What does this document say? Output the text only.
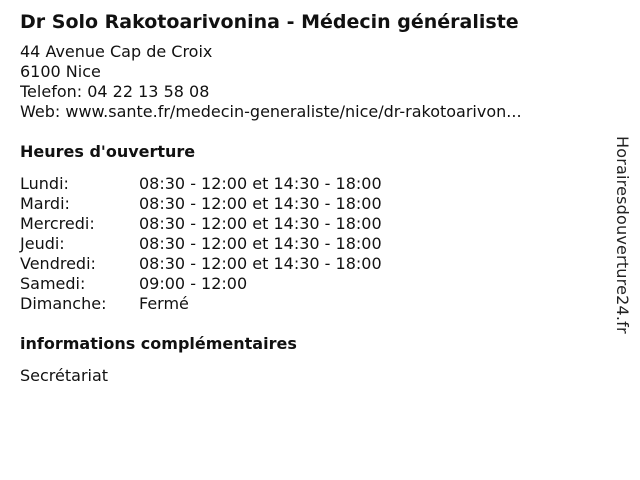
Dr Solo Rakotoarivonina - Médecin généraliste
44 Avenue Cap de Croix
6100 Nice
Telefon: 04 22 13 58 08
Web: www.sante.fr/medecin-generaliste/nice/dr-rakotoarivon...
Heures d'ouverture
Lundi:	08:30 - 12:00 et 14:30 - 18:00
Mardi:	08:30 - 12:00 et 14:30 - 18:00
Mercredi:	08:30 - 12:00 et 14:30 - 18:00
Jeudi:	08:30 - 12:00 et 14:30 - 18:00
Vendredi:	08:30 - 12:00 et 14:30 - 18:00
Samedi:	09:00 - 12:00
Dimanche:	Fermé
informations complémentaires
Secrétariat
Horairesdouverture24.fr
